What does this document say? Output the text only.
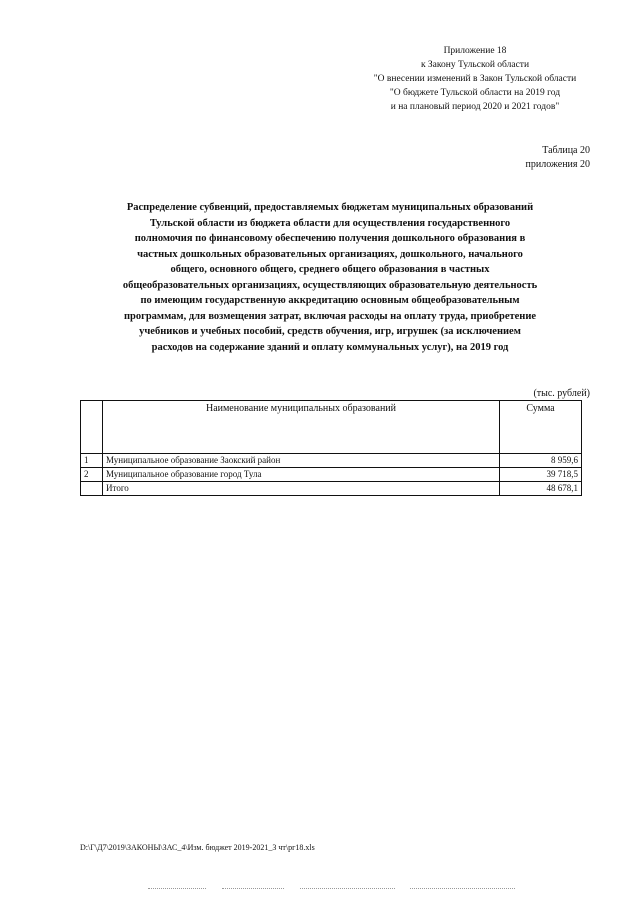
Приложение 18
к Закону Тульской области
"О внесении изменений в Закон Тульской области
"О бюджете Тульской области на 2019 год
и на плановый период 2020 и 2021 годов"
Таблица 20
приложения 20
Распределение субвенций, предоставляемых бюджетам муниципальных образований
Тульской области из бюджета области для осуществления государственного
полномочия по финансовому обеспечению получения дошкольного образования в
частных дошкольных образовательных организациях, дошкольного, начального
общего, основного общего, среднего общего образования в частных
общеобразовательных организациях, осуществляющих образовательную деятельность
по имеющим государственную аккредитацию основным общеобразовательным
программам, для возмещения затрат, включая расходы на оплату труда, приобретение
учебников и учебных пособий, средств обучения, игр, игрушек (за исключением
расходов на содержание зданий и оплату коммунальных услуг), на 2019 год
(тыс. рублей)
	Наименование муниципальных образований	Сумма
1	Муниципальное образование Заокский район	8 959,6
2	Муниципальное образование город Тула	39 718,5
	Итого	48 678,1
D:\Г\Д7\2019\ЗАКОНЫ\ЗАС_4\Изм. бюджет 2019-2021_3 чт\рг18.xls
